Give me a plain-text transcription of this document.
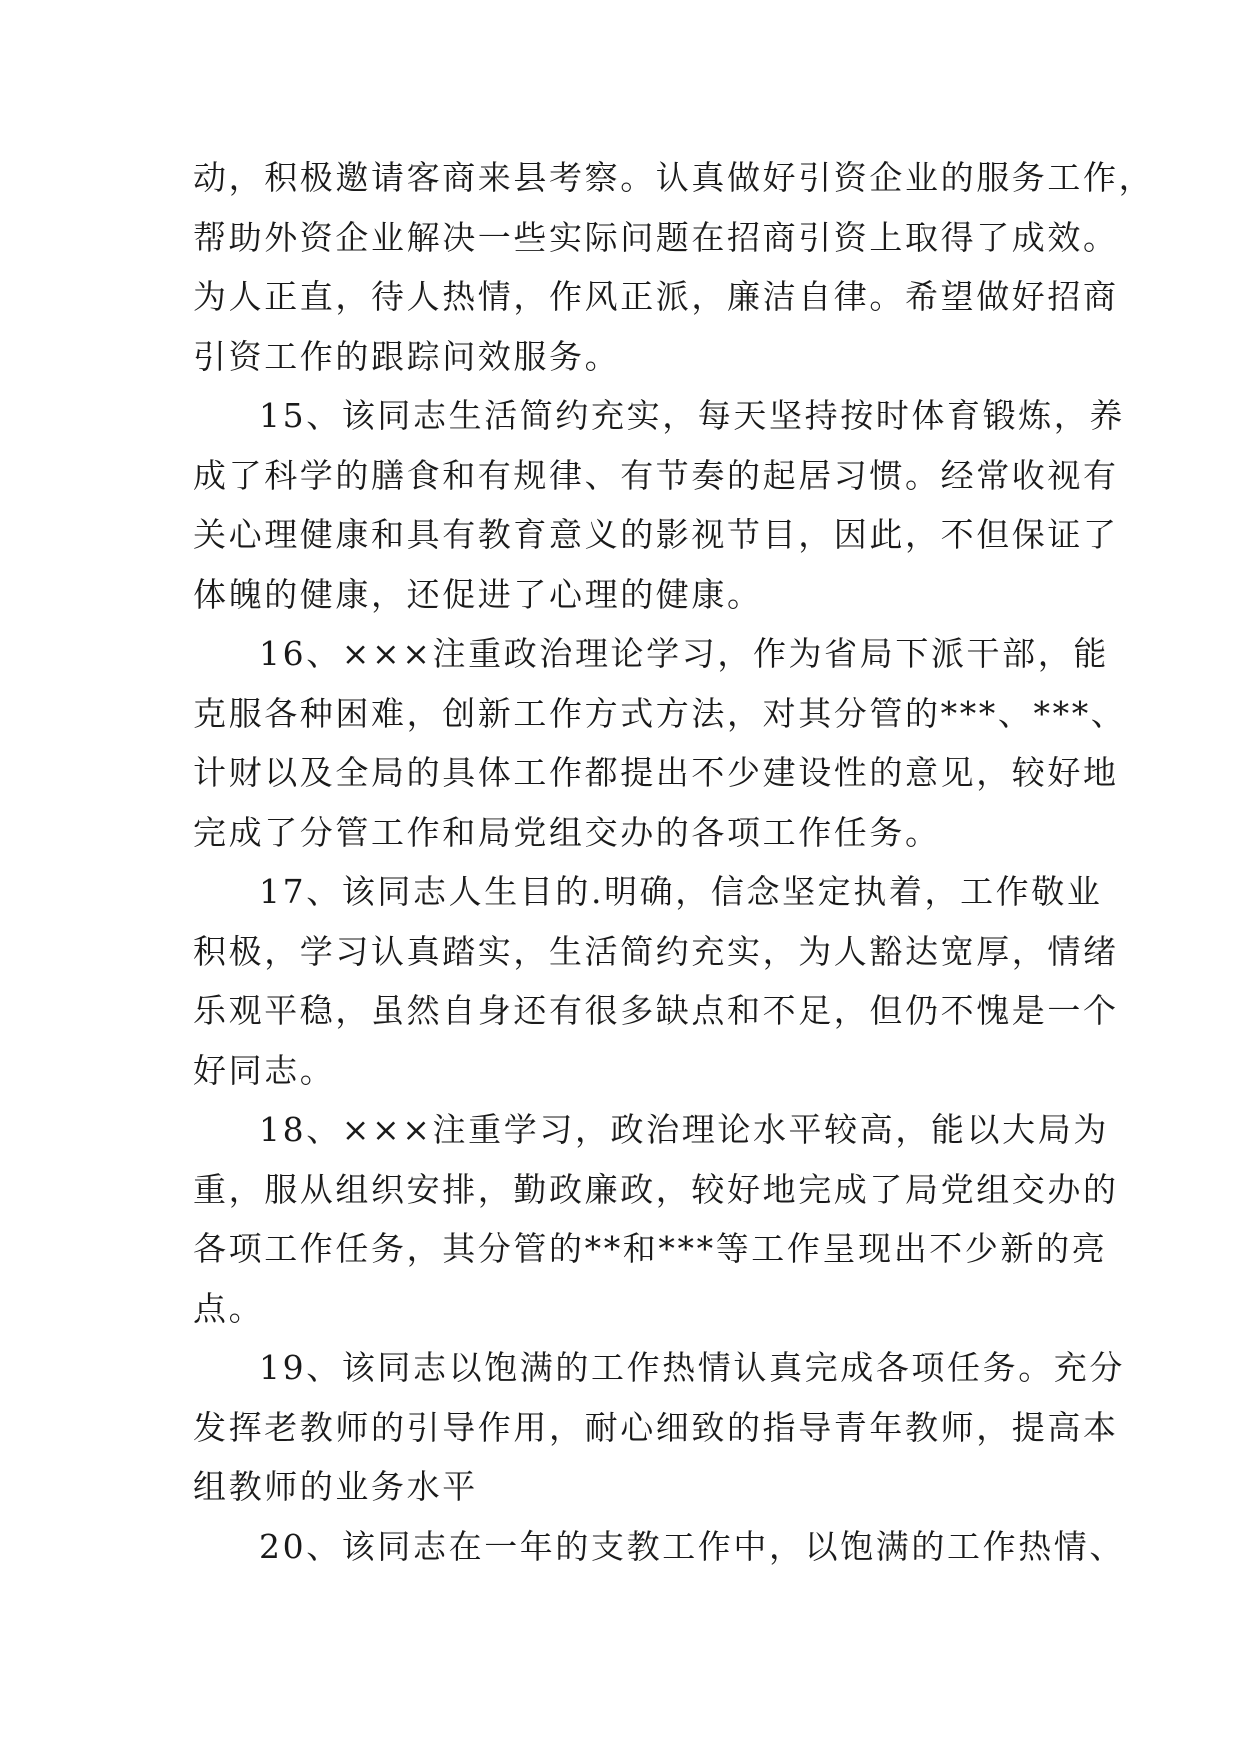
动，积极邀请客商来县考察。认真做好引资企业的服务工作，
帮助外资企业解决一些实际问题在招商引资上取得了成效。
为人正直，待人热情，作风正派，廉洁自律。希望做好招商
引资工作的跟踪问效服务。
15、该同志生活简约充实，每天坚持按时体育锻炼，养
成了科学的膳食和有规律、有节奏的起居习惯。经常收视有
关心理健康和具有教育意义的影视节目，因此，不但保证了
体魄的健康，还促进了心理的健康。
16、×××注重政治理论学习，作为省局下派干部，能
克服各种困难，创新工作方式方法，对其分管的***、***、
计财以及全局的具体工作都提出不少建设性的意见，较好地
完成了分管工作和局党组交办的各项工作任务。
17、该同志人生目的.明确，信念坚定执着，工作敬业
积极，学习认真踏实，生活简约充实，为人豁达宽厚，情绪
乐观平稳，虽然自身还有很多缺点和不足，但仍不愧是一个
好同志。
18、×××注重学习，政治理论水平较高，能以大局为
重，服从组织安排，勤政廉政，较好地完成了局党组交办的
各项工作任务，其分管的**和***等工作呈现出不少新的亮
点。
19、该同志以饱满的工作热情认真完成各项任务。充分
发挥老教师的引导作用，耐心细致的指导青年教师，提高本
组教师的业务水平
20、该同志在一年的支教工作中，以饱满的工作热情、
